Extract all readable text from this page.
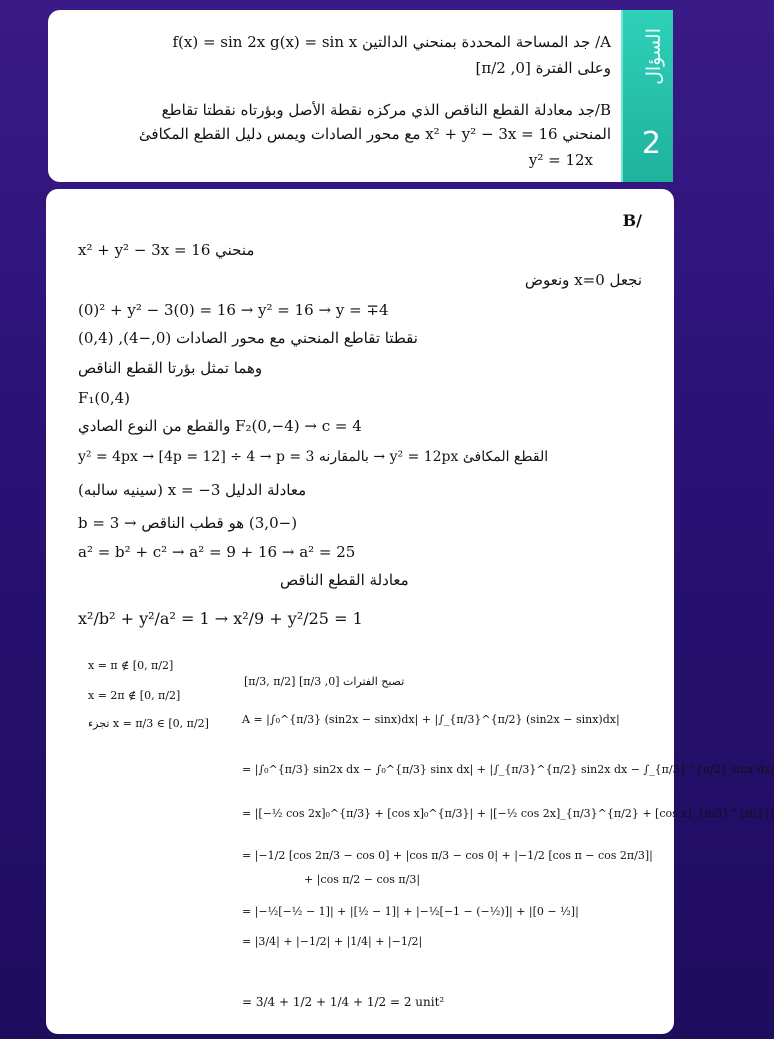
السؤال
2
A/ جد المساحة المحددة بمنحني الدالتين f(x) = sin 2x g(x) = sin x
وعلى الفترة [0, π/2]
B/جد معادلة القطع الناقص الذي مركزه نقطة الأصل وبؤرتاه نقطتا تقاطع
المنحني x² + y² − 3x = 16 مع محور الصادات ويمس دليل القطع المكافئ
y² = 12x
B/
منحني x² + y² − 3x = 16
نجعل x=0 ونعوض
(0)² + y² − 3(0) = 16 → y² = 16 → y = ∓4
نقطتا تقاطع المنحني مع محور الصادات (0,−4), (0,4)
وهما تمثل بؤرتا القطع الناقص
F₁(0,4)
F₂(0,−4) → c = 4 والقطع من النوع الصادي
القطع المكافئ y² = 12px → بالمقارنه y² = 4px → [4p = 12] ÷ 4 → p = 3
معادلة الدليل x = −3 (سينيه سالبه)
(−3,0) هو قطب الناقص → b = 3
a² = b² + c² → a² = 9 + 16 → a² = 25
معادلة القطع الناقص
x²/b² + y²/a² = 1 → x²/9 + y²/25 = 1
x = π ∉ [0, π/2]
x = 2π ∉ [0, π/2]
تجزء x = π/3 ∈ [0, π/2]
تصبح الفترات [0, π/3] [π/3, π/2]
A = |∫₀^{π/3} (sin2x − sinx)dx| + |∫_{π/3}^{π/2} (sin2x − sinx)dx|
= |∫₀^{π/3} sin2x dx − ∫₀^{π/3} sinx dx| + |∫_{π/3}^{π/2} sin2x dx − ∫_{π/3}^{π/2} sinx dx|
= |[−½ cos 2x]₀^{π/3} + [cos x]₀^{π/3}| + |[−½ cos 2x]_{π/3}^{π/2} + [cos x]_{π/3}^{π/2}|
= |−1/2 [cos 2π/3 − cos 0] + |cos π/3 − cos 0| + |−1/2 [cos π − cos 2π/3]|
+ |cos π/2 − cos π/3|
= |−½[−½ − 1]| + |[½ − 1]| + |−½[−1 − (−½)]| + |[0 − ½]|
= |3/4| + |−1/2| + |1/4| + |−1/2|
= 3/4 + 1/2 + 1/4 + 1/2 = 2 unit²
